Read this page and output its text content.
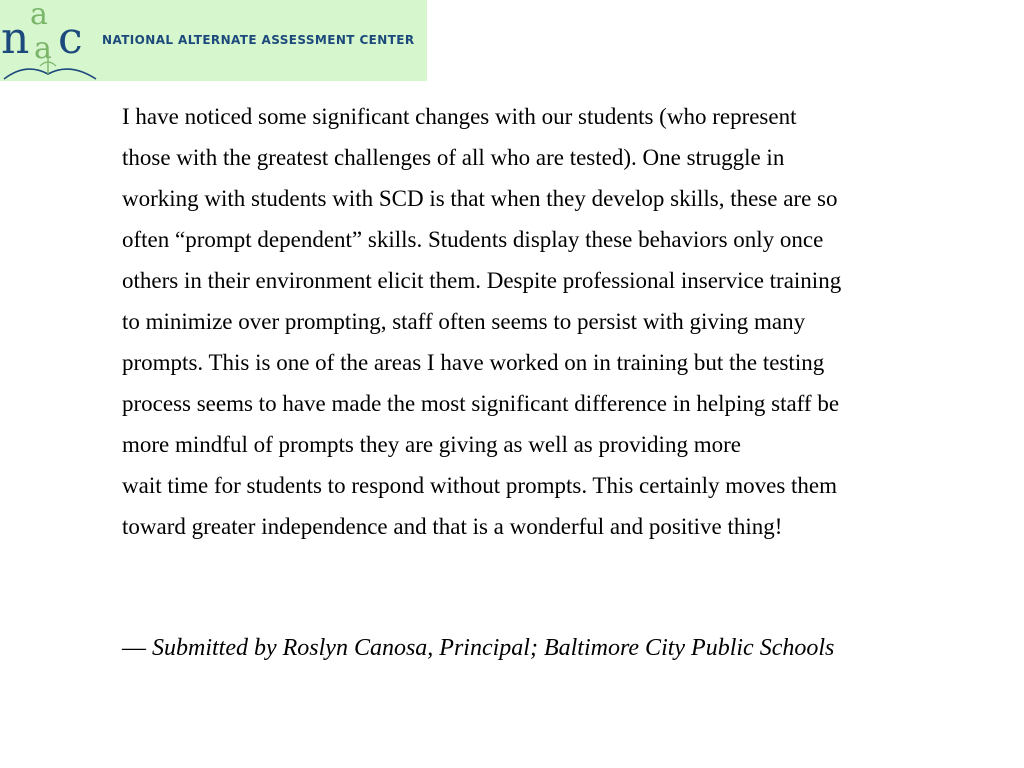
n a
a c NATIONAL ALTERNATE ASSESSMENT CENTER

I have noticed some significant changes with our students (who represent
those with the greatest challenges of all who are tested). One struggle in
working with students with SCD is that when they develop skills, these are so
often “prompt dependent” skills. Students display these behaviors only once
others in their environment elicit them. Despite professional inservice training
to minimize over prompting, staff often seems to persist with giving many
prompts. This is one of the areas I have worked on in training but the testing
process seems to have made the most significant difference in helping staff be
more mindful of prompts they are giving as well as providing more
wait time for students to respond without prompts. This certainly moves them
toward greater independence and that is a wonderful and positive thing!

— Submitted by Roslyn Canosa, Principal; Baltimore City Public Schools
